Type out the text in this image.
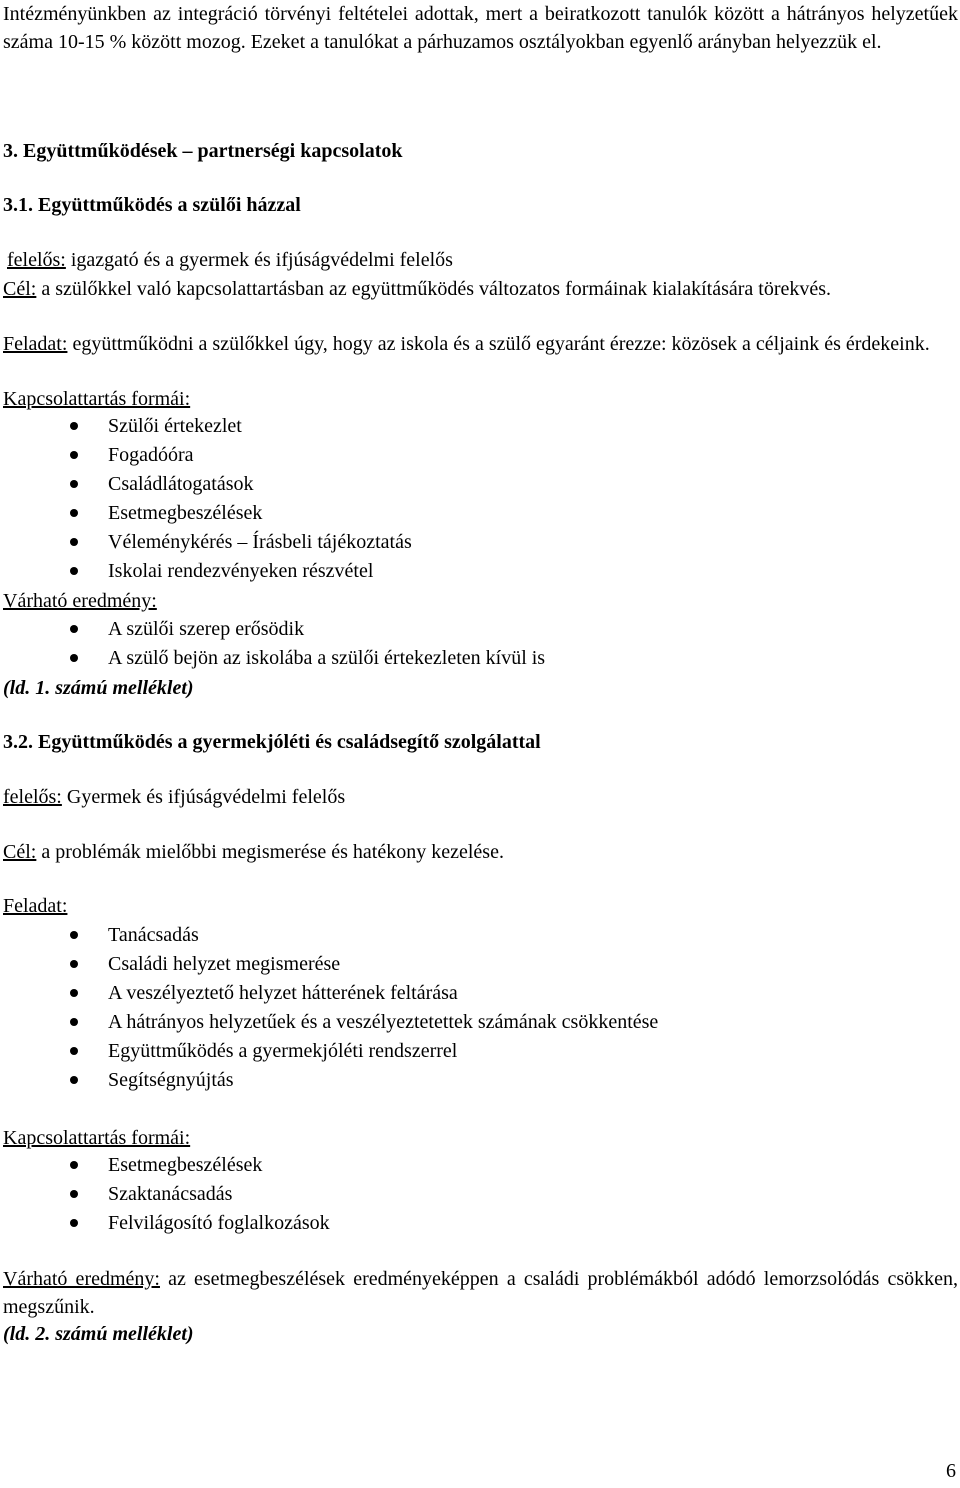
Intézményünkben az integráció törvényi feltételei adottak, mert a beiratkozott tanulók között a hátrányos helyzetűek száma 10-15 % között mozog. Ezeket a tanulókat a párhuzamos osztályokban egyenlő arányban helyezzük el.

3. Együttműködések – partnerségi kapcsolatok

3.1. Együttműködés a szülői házzal

felelős: igazgató és a gyermek és ifjúságvédelmi felelős

Cél: a szülőkkel való kapcsolattartásban az együttműködés változatos formáinak kialakítására törekvés.

Feladat: együttműködni a szülőkkel úgy, hogy az iskola és a szülő egyaránt érezze: közösek a céljaink és érdekeink.

Kapcsolattartás formái:

Szülői értekezlet
Fogadóóra
Családlátogatások
Esetmegbeszélések
Véleménykérés – Írásbeli tájékoztatás
Iskolai rendezvényeken részvétel

Várható eredmény:

A szülői szerep erősödik
A szülő bejön az iskolába a szülői értekezleten kívül is

(ld. 1. számú melléklet)

3.2. Együttműködés a gyermekjóléti és családsegítő szolgálattal

felelős: Gyermek és ifjúságvédelmi felelős

Cél: a problémák mielőbbi megismerése és hatékony kezelése.

Feladat:

Tanácsadás
Családi helyzet megismerése
A veszélyeztető helyzet hátterének feltárása
A hátrányos helyzetűek és a veszélyeztetettek számának csökkentése
Együttműködés a gyermekjóléti rendszerrel
Segítségnyújtás

Kapcsolattartás formái:

Esetmegbeszélések
Szaktanácsadás
Felvilágosító foglalkozások

Várható eredmény: az esetmegbeszélések eredményeképpen a családi problémákból adódó lemorzsolódás csökken, megszűnik.

(ld. 2. számú melléklet)

6
